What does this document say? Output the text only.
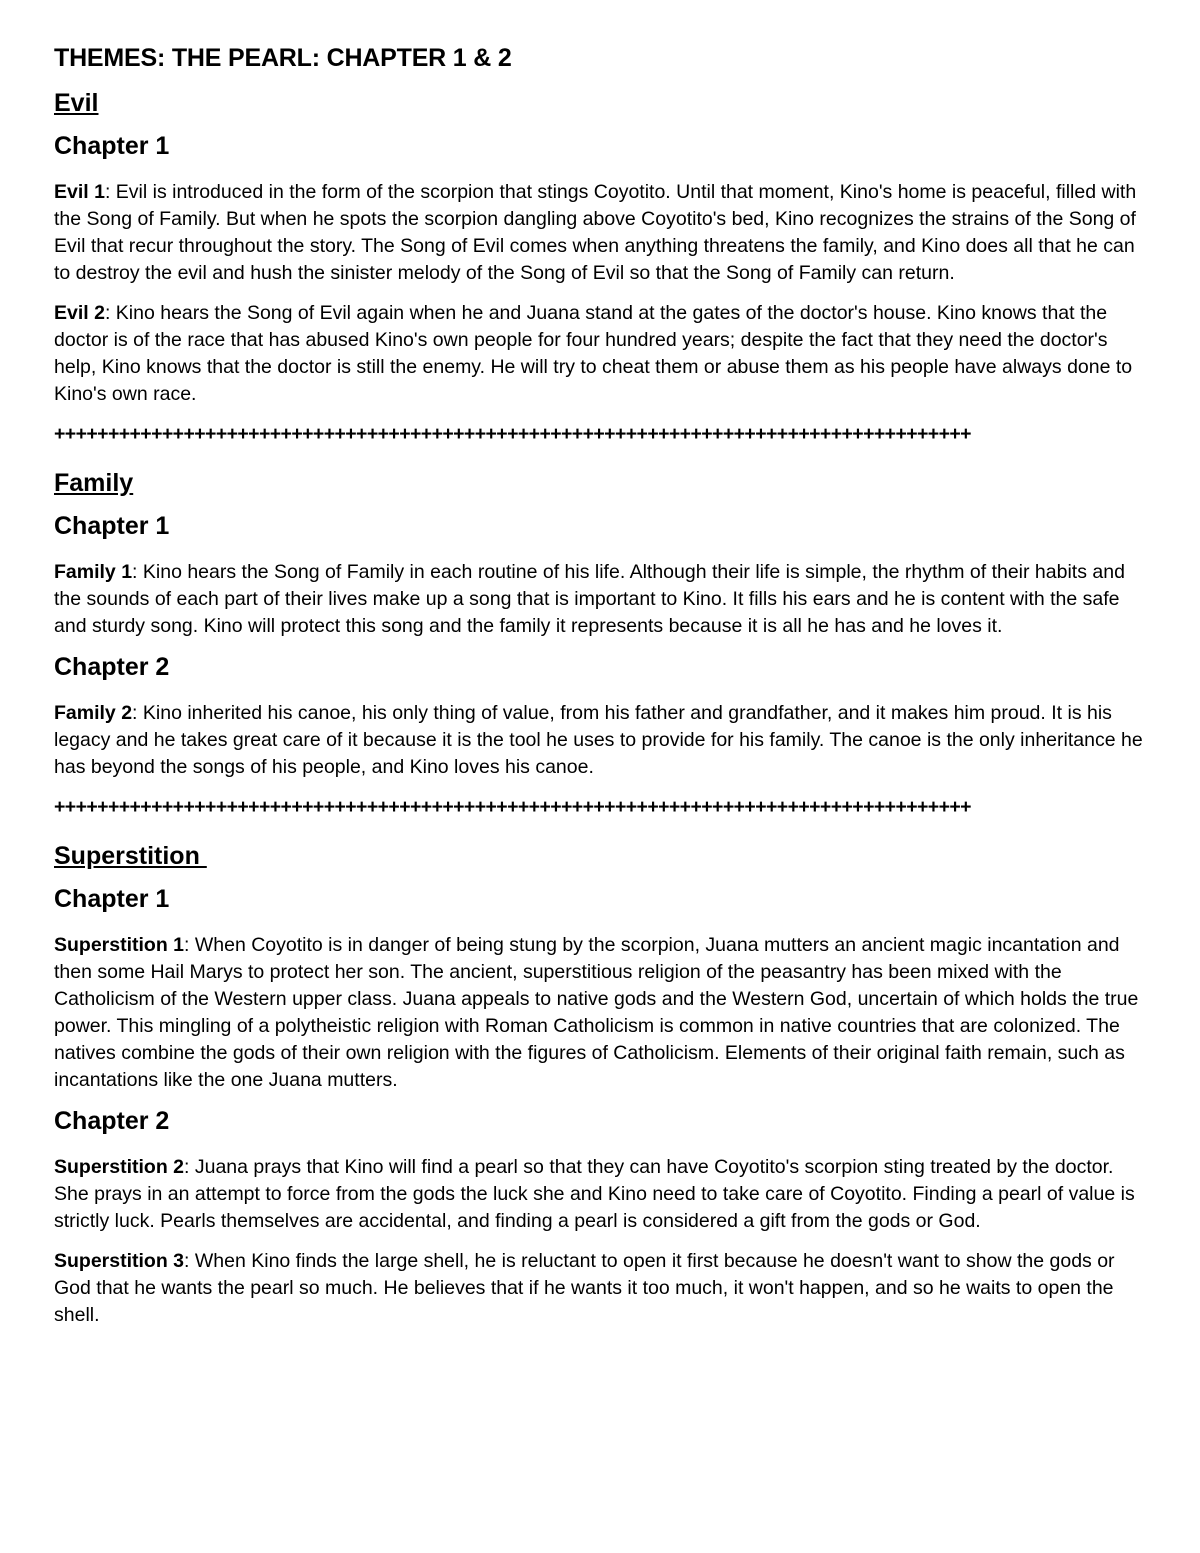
THEMES: THE PEARL: CHAPTER 1 & 2
Evil
Chapter 1

Evil 1: Evil is introduced in the form of the scorpion that stings Coyotito. Until that moment, Kino's home is peaceful, filled with the Song of Family. But when he spots the scorpion dangling above Coyotito's bed, Kino recognizes the strains of the Song of Evil that recur throughout the story. The Song of Evil comes when anything threatens the family, and Kino does all that he can to destroy the evil and hush the sinister melody of the Song of Evil so that the Song of Family can return.

Evil 2: Kino hears the Song of Evil again when he and Juana stand at the gates of the doctor's house. Kino knows that the doctor is of the race that has abused Kino's own people for four hundred years; despite the fact that they need the doctor's help, Kino knows that the doctor is still the enemy. He will try to cheat them or abuse them as his people have always done to Kino's own race.

+++++++++++++++++++++++++++++++++++++++++++++++++++++++++++++++++++++++++++++++++++++
Family
Chapter 1

Family 1: Kino hears the Song of Family in each routine of his life. Although their life is simple, the rhythm of their habits and the sounds of each part of their lives make up a song that is important to Kino. It fills his ears and he is content with the safe and sturdy song. Kino will protect this song and the family it represents because it is all he has and he loves it.

Chapter 2

Family 2: Kino inherited his canoe, his only thing of value, from his father and grandfather, and it makes him proud. It is his legacy and he takes great care of it because it is the tool he uses to provide for his family. The canoe is the only inheritance he has beyond the songs of his people, and Kino loves his canoe.

+++++++++++++++++++++++++++++++++++++++++++++++++++++++++++++++++++++++++++++++++++++
Superstition
Chapter 1

Superstition 1: When Coyotito is in danger of being stung by the scorpion, Juana mutters an ancient magic incantation and then some Hail Marys to protect her son. The ancient, superstitious religion of the peasantry has been mixed with the Catholicism of the Western upper class. Juana appeals to native gods and the Western God, uncertain of which holds the true power. This mingling of a polytheistic religion with Roman Catholicism is common in native countries that are colonized. The natives combine the gods of their own religion with the figures of Catholicism. Elements of their original faith remain, such as incantations like the one Juana mutters.

Chapter 2

Superstition 2: Juana prays that Kino will find a pearl so that they can have Coyotito's scorpion sting treated by the doctor. She prays in an attempt to force from the gods the luck she and Kino need to take care of Coyotito. Finding a pearl of value is strictly luck. Pearls themselves are accidental, and finding a pearl is considered a gift from the gods or God.

Superstition 3: When Kino finds the large shell, he is reluctant to open it first because he doesn't want to show the gods or God that he wants the pearl so much. He believes that if he wants it too much, it won't happen, and so he waits to open the shell.
